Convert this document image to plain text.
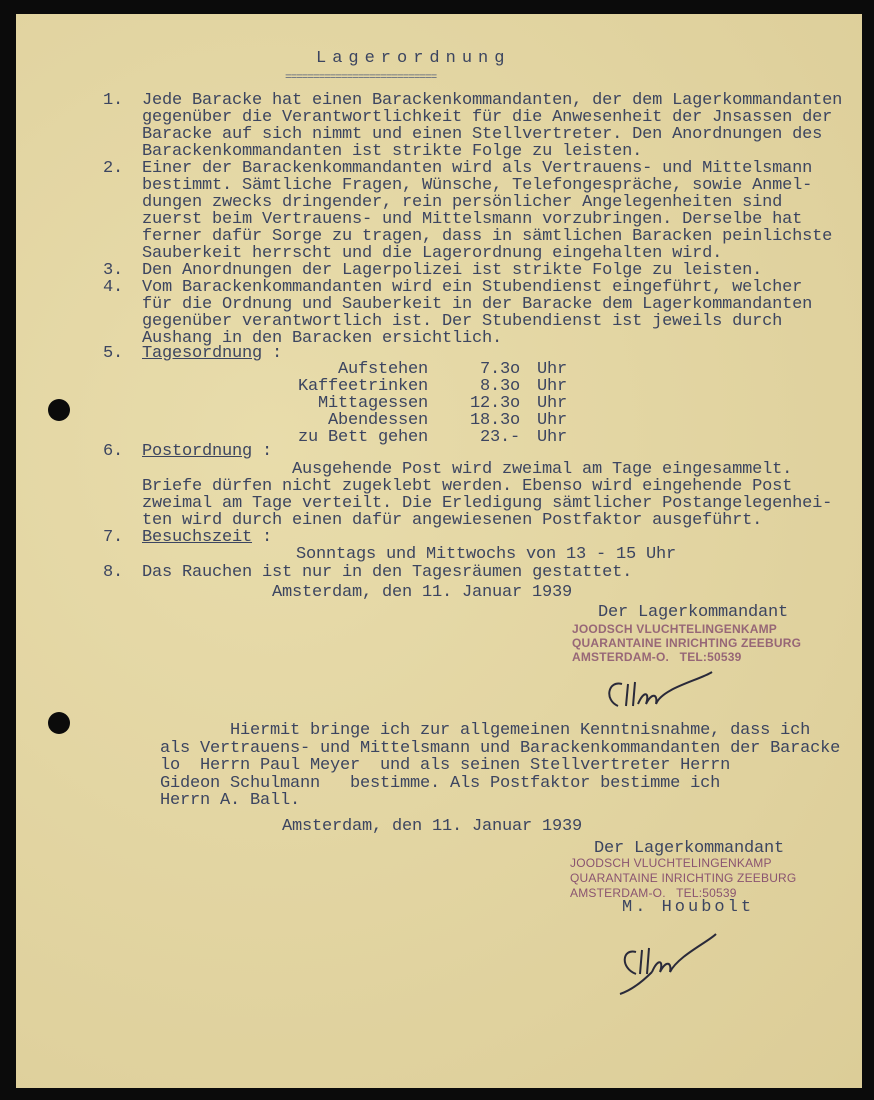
Lagerordnung
===========================
1. Jede Baracke hat einen Barackenkommandanten, der dem Lagerkommandanten
gegenüber die Verantwortlichkeit für die Anwesenheit der Jnsassen der
Baracke auf sich nimmt und einen Stellvertreter. Den Anordnungen des
Barackenkommandanten ist strikte Folge zu leisten.
2. Einer der Barackenkommandanten wird als Vertrauens- und Mittelsmann
bestimmt. Sämtliche Fragen, Wünsche, Telefongespräche, sowie Anmel-
dungen zwecks dringender, rein persönlicher Angelegenheiten sind
zuerst beim Vertrauens- und Mittelsmann vorzubringen. Derselbe hat
ferner dafür Sorge zu tragen, dass in sämtlichen Baracken peinlichste
Sauberkeit herrscht und die Lagerordnung eingehalten wird.
3. Den Anordnungen der Lagerpolizei ist strikte Folge zu leisten.
4. Vom Barackenkommandanten wird ein Stubendienst eingeführt, welcher
für die Ordnung und Sauberkeit in der Baracke dem Lagerkommandanten
gegenüber verantwortlich ist. Der Stubendienst ist jeweils durch
Aushang in den Baracken ersichtlich.
5. Tagesordnung :
Aufstehen	7.3o Uhr
Kaffeetrinken	8.3o Uhr
Mittagessen 12.3o Uhr
Abendessen 18.3o Uhr
zu Bett gehen	23.- Uhr
6. Postordnung :
Ausgehende Post wird zweimal am Tage eingesammelt.
Briefe dürfen nicht zugeklebt werden. Ebenso wird eingehende Post
zweimal am Tage verteilt. Die Erledigung sämtlicher Postangelegenhei-
ten wird durch einen dafür angewiesenen Postfaktor ausgeführt.
7. Besuchszeit :
Sonntags und Mittwochs von 13 - 15 Uhr
8. Das Rauchen ist nur in den Tagesräumen gestattet.
Amsterdam, den 11. Januar 1939
Der Lagerkommandant
JOODSCH VLUCHTELINGENKAMP
QUARANTAINE INRICHTING ZEEBURG
AMSTERDAM-O.   TEL:50539
Hiermit bringe ich zur allgemeinen Kenntnisnahme, dass ich
als Vertrauens- und Mittelsmann und Barackenkommandanten der Baracke
lo  Herrn Paul Meyer  und als seinen Stellvertreter Herrn
Gideon Schulmann   bestimme. Als Postfaktor bestimme ich
Herrn A. Ball.
Amsterdam, den 11. Januar 1939
Der Lagerkommandant
JOODSCH VLUCHTELINGENKAMP
QUARANTAINE INRICHTING ZEEBURG
AMSTERDAM-O.   TEL:50539
M. Houbolt
